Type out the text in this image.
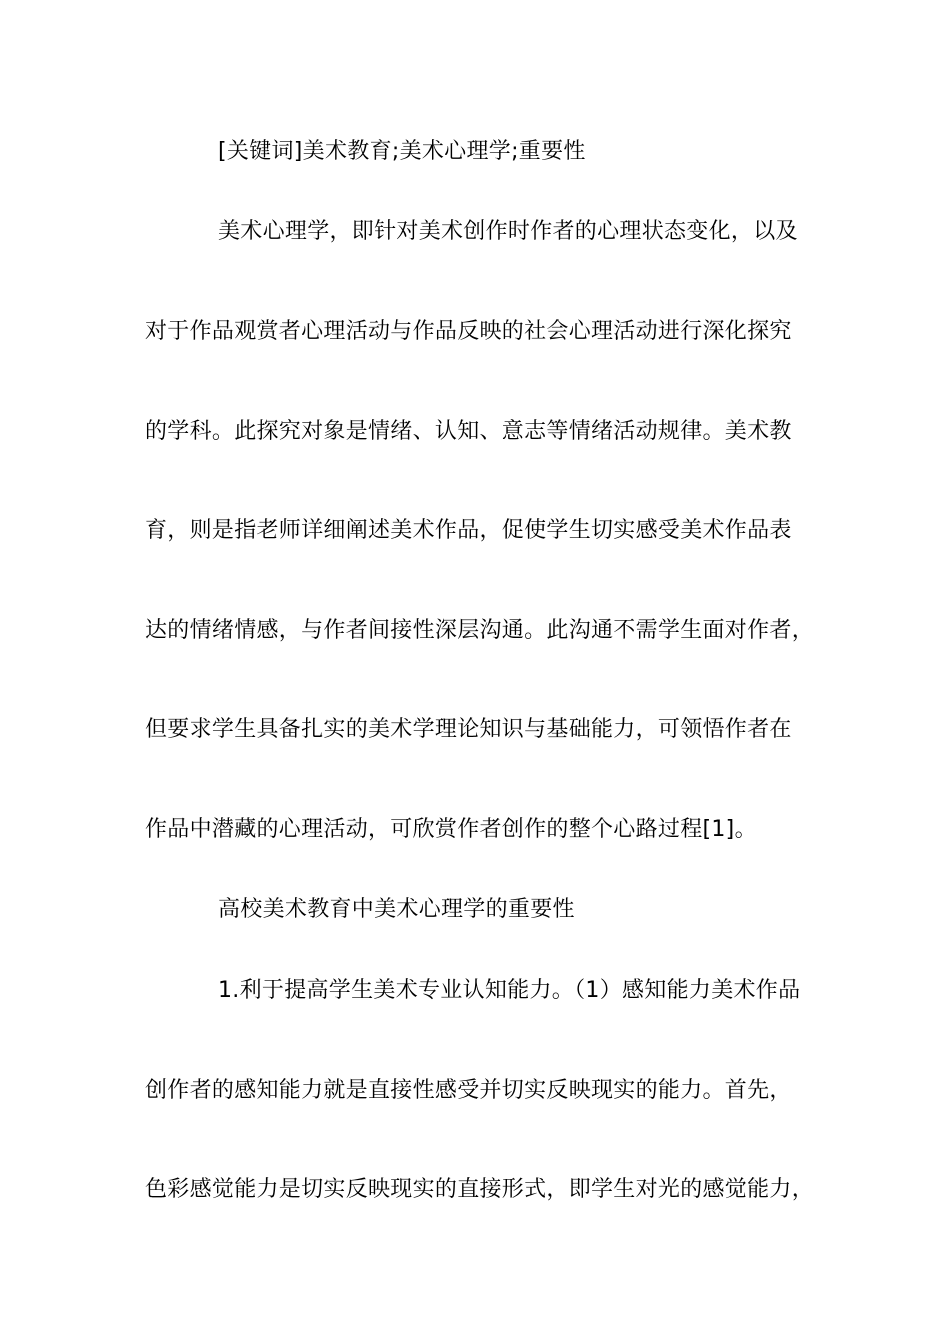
[关键词]美术教育;美术心理学;重要性
美术心理学，即针对美术创作时作者的心理状态变化，以及
对于作品观赏者心理活动与作品反映的社会心理活动进行深化探究
的学科。此探究对象是情绪、认知、意志等情绪活动规律。美术教
育，则是指老师详细阐述美术作品，促使学生切实感受美术作品表
达的情绪情感，与作者间接性深层沟通。此沟通不需学生面对作者，
但要求学生具备扎实的美术学理论知识与基础能力，可领悟作者在
作品中潜藏的心理活动，可欣赏作者创作的整个心路过程[1]。
高校美术教育中美术心理学的重要性
1.利于提高学生美术专业认知能力。（1）感知能力美术作品
创作者的感知能力就是直接性感受并切实反映现实的能力。首先，
色彩感觉能力是切实反映现实的直接形式，即学生对光的感觉能力，
